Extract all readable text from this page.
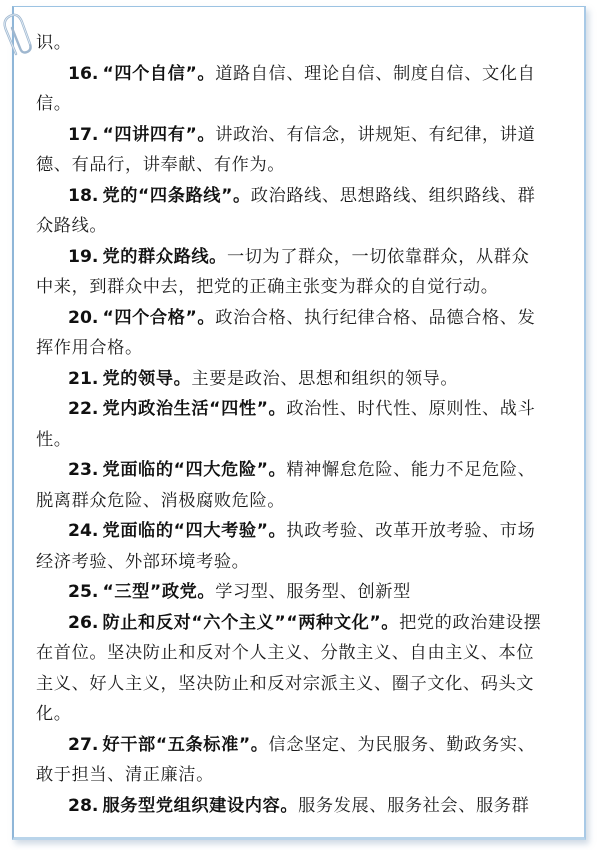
识。
16. “四个自信”。道路自信、理论自信、制度自信、文化自
信。
17. “四讲四有”。讲政治、有信念，讲规矩、有纪律，讲道
德、有品行，讲奉献、有作为。
18. 党的“四条路线”。政治路线、思想路线、组织路线、群
众路线。
19. 党的群众路线。一切为了群众，一切依靠群众，从群众
中来，到群众中去，把党的正确主张变为群众的自觉行动。
20. “四个合格”。政治合格、执行纪律合格、品德合格、发
挥作用合格。
21. 党的领导。主要是政治、思想和组织的领导。
22. 党内政治生活“四性”。政治性、时代性、原则性、战斗
性。
23. 党面临的“四大危险”。精神懈怠危险、能力不足危险、
脱离群众危险、消极腐败危险。
24. 党面临的“四大考验”。执政考验、改革开放考验、市场
经济考验、外部环境考验。
25. “三型”政党。学习型、服务型、创新型
26. 防止和反对“六个主义”“两种文化”。把党的政治建设摆
在首位。坚决防止和反对个人主义、分散主义、自由主义、本位
主义、好人主义，坚决防止和反对宗派主义、圈子文化、码头文
化。
27. 好干部“五条标准”。信念坚定、为民服务、勤政务实、
敢于担当、清正廉洁。
28. 服务型党组织建设内容。服务发展、服务社会、服务群
